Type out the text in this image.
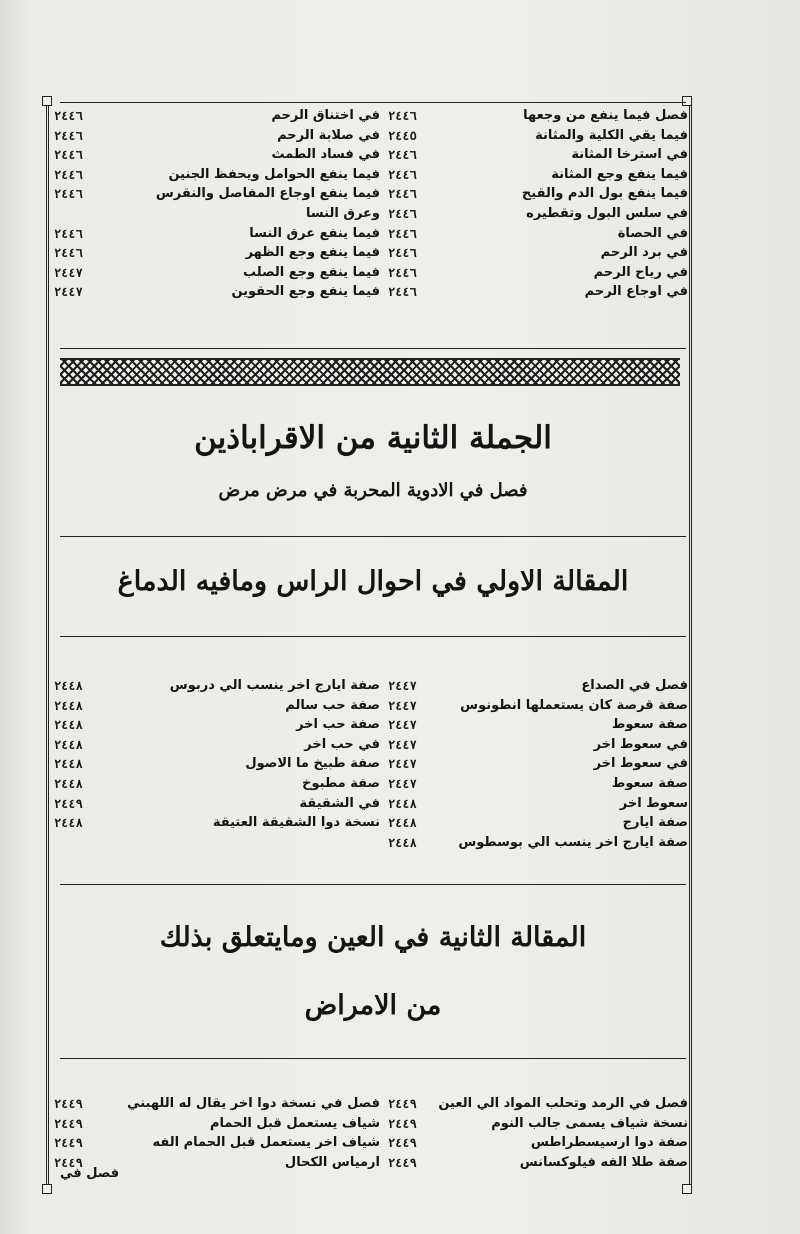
فصل فيما ينفع من وجعها
٢٤٤٦
فيما يقي الكلية والمثانة
٢٤٤٥
في استرخا المثانة
٢٤٤٦
فيما ينفع وجع المثانة
٢٤٤٦
فيما ينفع بول الدم والقيح
٢٤٤٦
في سلس البول وتقطيره
٢٤٤٦
في الحصاة
٢٤٤٦
في برد الرحم
٢٤٤٦
في رياح الرحم
٢٤٤٦
في اوجاع الرحم
٢٤٤٦
في اختناق الرحم
٢٤٤٦
في صلابة الرحم
٢٤٤٦
في فساد الطمث
٢٤٤٦
فيما ينفع الحوامل ويحفظ الجنين
٢٤٤٦
فيما ينفع اوجاع المفاصل والنقرس
٢٤٤٦
وعرق النسا
فيما ينفع عرق النسا
٢٤٤٦
فيما ينفع وجع الظهر
٢٤٤٦
فيما ينفع وجع الصلب
٢٤٤٧
فيما ينفع وجع الحقوين
٢٤٤٧
الجملة الثانية من الاقراباذين
فصل في الادوية المحربة في مرض مرض
المقالة الاولي في احوال الراس ومافيه الدماغ
فصل في الصداع
٢٤٤٧
صفة قرصة كان يستعملها انطونوس
٢٤٤٧
صفة سعوط
٢٤٤٧
في سعوط اخر
٢٤٤٧
في سعوط اخر
٢٤٤٧
صفة سعوط
٢٤٤٧
سعوط اخر
٢٤٤٨
صفة ايارج
٢٤٤٨
صفة ايارج اخر ينسب الي بوسطوس
٢٤٤٨
صفة ايارج اخر ينسب الي دربوس
٢٤٤٨
صفة حب سالم
٢٤٤٨
صفة حب اخر
٢٤٤٨
في حب اخر
٢٤٤٨
صفة طبيخ ما الاصول
٢٤٤٨
صفة مطبوخ
٢٤٤٨
في الشقيقة
٢٤٤٩
نسخة دوا الشقيقة العتيقة
٢٤٤٨
المقالة الثانية في العين ومايتعلق بذلك
من الامراض
فصل في الرمد وتحلب المواد الي العين
٢٤٤٩
نسخة شياف يسمى جالب النوم
٢٤٤٩
صفة دوا ارسيسطراطس
٢٤٤٩
صفة طلا الفه فيلوكسانس
٢٤٤٩
فصل في نسخة دوا اخر يقال له اللهبني
٢٤٤٩
شياف يستعمل قبل الحمام
٢٤٤٩
شياف اخر يستعمل قبل الحمام الفه
٢٤٤٩
ارمياس الكحال
٢٤٤٩
فصل في
